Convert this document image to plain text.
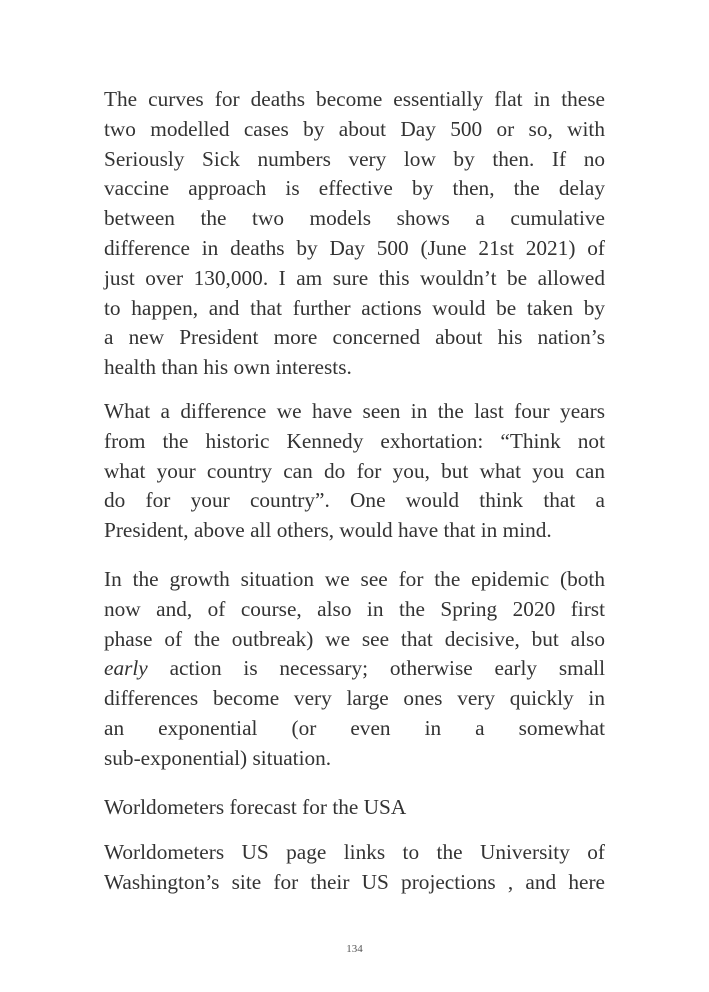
The curves for deaths become essentially flat in these
two modelled cases by about Day 500 or so, with
Seriously Sick numbers very low by then. If no
vaccine approach is effective by then, the delay
between the two models shows a cumulative
difference in deaths by Day 500 (June 21st 2021) of
just over 130,000. I am sure this wouldn’t be allowed
to happen, and that further actions would be taken by
a new President more concerned about his nation’s
health than his own interests.
What a difference we have seen in the last four years
from the historic Kennedy exhortation: “Think not
what your country can do for you, but what you can
do for your country”. One would think that a
President, above all others, would have that in mind.
In the growth situation we see for the epidemic (both
now and, of course, also in the Spring 2020 first
phase of the outbreak) we see that decisive, but also
early action is necessary; otherwise early small
differences become very large ones very quickly in
an exponential (or even in a somewhat
sub-exponential) situation.
Worldometers forecast for the USA
Worldometers US page links to the University of
Washington’s site for their US projections , and here
134
